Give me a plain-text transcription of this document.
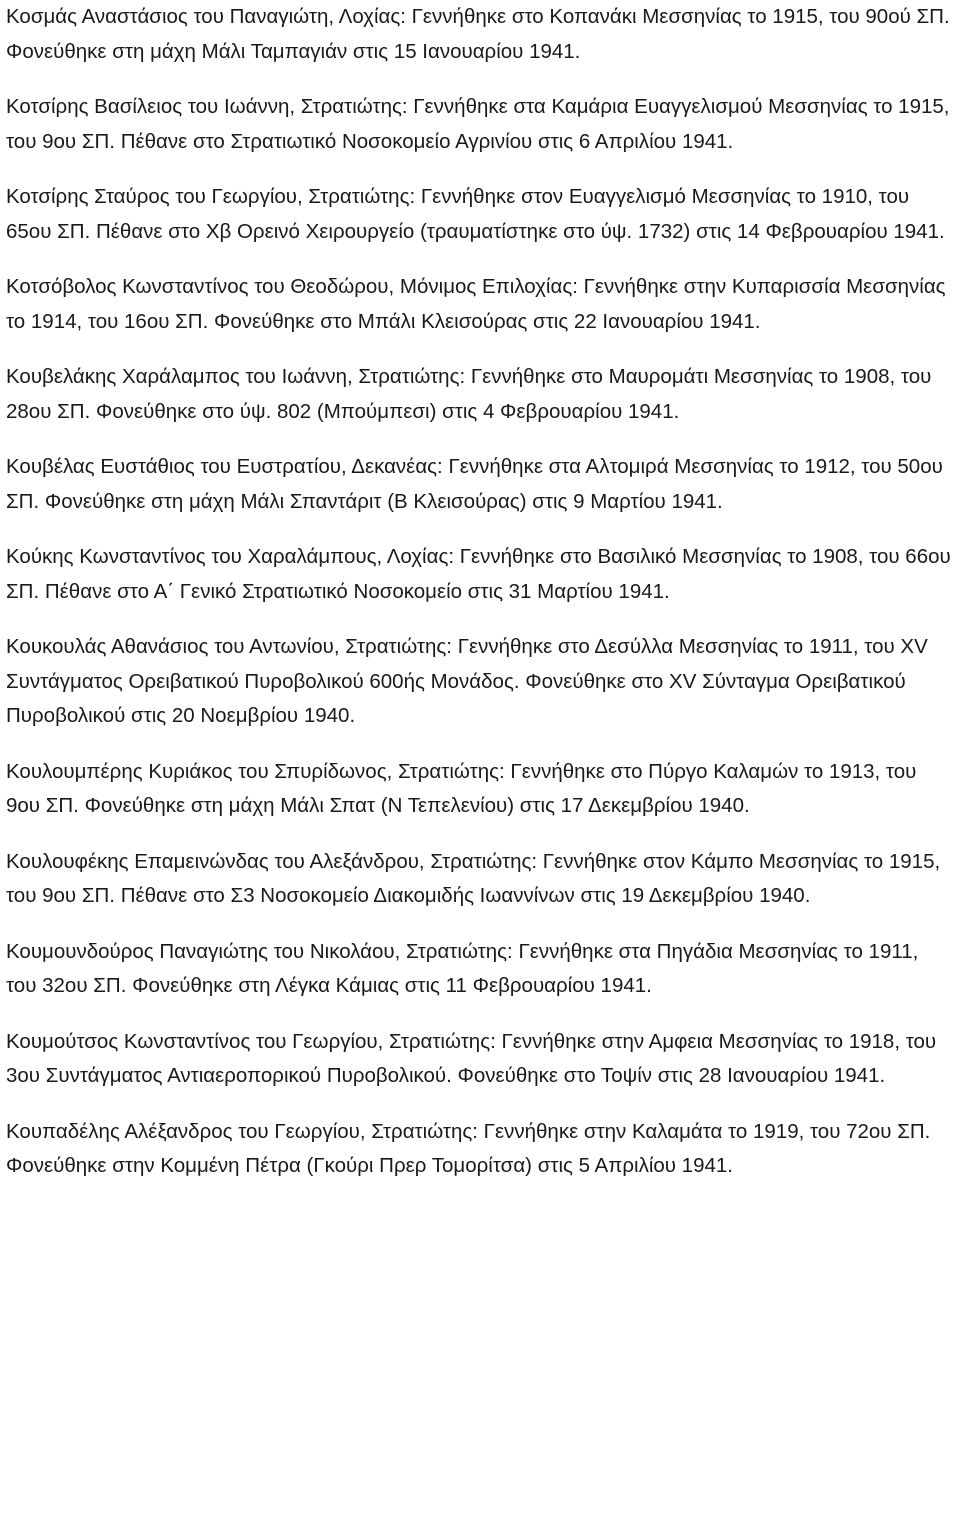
Κοσμάς Αναστάσιος του Παναγιώτη, Λοχίας: Γεννήθηκε στο Κοπανάκι Μεσσηνίας το 1915, του 90ού ΣΠ. Φονεύθηκε στη μάχη Μάλι Ταμπαγιάν στις 15 Ιανουαρίου 1941.

Κοτσίρης Βασίλειος του Ιωάννη, Στρατιώτης: Γεννήθηκε στα Καμάρια Ευαγγελισμού Μεσσηνίας το 1915, του 9ου ΣΠ. Πέθανε στο Στρατιωτικό Νοσοκομείο Αγρινίου στις 6 Απριλίου 1941.

Κοτσίρης Σταύρος του Γεωργίου, Στρατιώτης: Γεννήθηκε στον Ευαγγελισμό Μεσσηνίας το 1910, του 65ου ΣΠ. Πέθανε στο Χβ Ορεινό Χειρουργείο (τραυματίστηκε στο ύψ. 1732) στις 14 Φεβρουαρίου 1941.

Κοτσόβολος Κωνσταντίνος του Θεοδώρου, Μόνιμος Επιλοχίας: Γεννήθηκε στην Κυπαρισσία Μεσσηνίας το 1914, του 16ου ΣΠ. Φονεύθηκε στο Μπάλι Κλεισούρας στις 22 Ιανουαρίου 1941.

Κουβελάκης Χαράλαμπος του Ιωάννη, Στρατιώτης: Γεννήθηκε στο Μαυρομάτι Μεσσηνίας το 1908, του 28ου ΣΠ. Φονεύθηκε στο ύψ. 802 (Μπούμπεσι) στις 4 Φεβρουαρίου 1941.

Κουβέλας Ευστάθιος του Ευστρατίου, Δεκανέας: Γεννήθηκε στα Αλτομιρά Μεσσηνίας το 1912, του 50ου ΣΠ. Φονεύθηκε στη μάχη Μάλι Σπαντάριτ (Β Κλεισούρας) στις 9 Μαρτίου 1941.

Κούκης Κωνσταντίνος του Χαραλάμπους, Λοχίας: Γεννήθηκε στο Βασιλικό Μεσσηνίας το 1908, του 66ου ΣΠ. Πέθανε στο Α΄ Γενικό Στρατιωτικό Νοσοκομείο στις 31 Μαρτίου 1941.

Κουκουλάς Αθανάσιος του Αντωνίου, Στρατιώτης: Γεννήθηκε στο Δεσύλλα Μεσσηνίας το 1911, του XV Συντάγματος Ορειβατικού Πυροβολικού 600ής Μονάδος. Φονεύθηκε στο XV Σύνταγμα Ορειβατικού Πυροβολικού στις 20 Νοεμβρίου 1940.

Κουλουμπέρης Κυριάκος του Σπυρίδωνος, Στρατιώτης: Γεννήθηκε στο Πύργο Καλαμών το 1913, του 9ου ΣΠ. Φονεύθηκε στη μάχη Μάλι Σπατ (Ν Τεπελενίου) στις 17 Δεκεμβρίου 1940.

Κουλουφέκης Επαμεινώνδας του Αλεξάνδρου, Στρατιώτης: Γεννήθηκε στον Κάμπο Μεσσηνίας το 1915, του 9ου ΣΠ. Πέθανε στο Σ3 Νοσοκομείο Διακομιδής Ιωαννίνων στις 19 Δεκεμβρίου 1940.

Κουμουνδούρος Παναγιώτης του Νικολάου, Στρατιώτης: Γεννήθηκε στα Πηγάδια Μεσσηνίας το 1911, του 32ου ΣΠ. Φονεύθηκε στη Λέγκα Κάμιας στις 11 Φεβρουαρίου 1941.

Κουμούτσος Κωνσταντίνος του Γεωργίου, Στρατιώτης: Γεννήθηκε στην Αμφεια Μεσσηνίας το 1918, του 3ου Συντάγματος Αντιαεροπορικού Πυροβολικού. Φονεύθηκε στο Τοψίν στις 28 Ιανουαρίου 1941.

Κουπαδέλης Αλέξανδρος του Γεωργίου, Στρατιώτης: Γεννήθηκε στην Καλαμάτα το 1919, του 72ου ΣΠ. Φονεύθηκε στην Κομμένη Πέτρα (Γκούρι Πρερ Τομορίτσα) στις 5 Απριλίου 1941.
